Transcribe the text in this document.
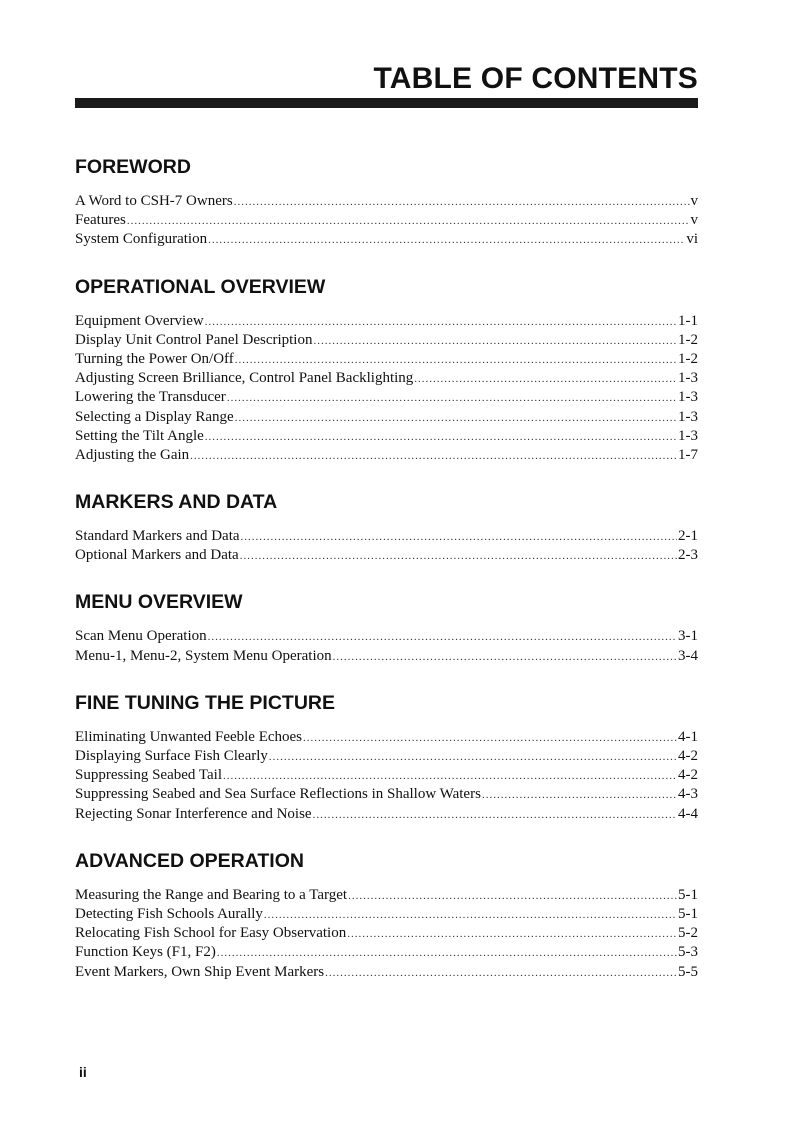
TABLE OF CONTENTS
FOREWORD
A Word to CSH-7 Owners .....	v
Features .....	v
System Configuration .....	vi
OPERATIONAL OVERVIEW
Equipment Overview .....	1-1
Display Unit Control Panel Description .....	1-2
Turning the Power On/Off .....	1-2
Adjusting Screen Brilliance, Control Panel Backlighting .....	1-3
Lowering the Transducer .....	1-3
Selecting a Display Range .....	1-3
Setting the Tilt Angle .....	1-3
Adjusting the Gain .....	1-7
MARKERS AND DATA
Standard Markers and Data .....	2-1
Optional Markers and Data .....	2-3
MENU OVERVIEW
Scan Menu Operation .....	3-1
Menu-1, Menu-2, System Menu Operation .....	3-4
FINE TUNING THE PICTURE
Eliminating Unwanted Feeble Echoes .....	4-1
Displaying Surface Fish Clearly .....	4-2
Suppressing Seabed Tail .....	4-2
Suppressing Seabed and Sea Surface Reflections in Shallow Waters .....	4-3
Rejecting Sonar Interference and Noise .....	4-4
ADVANCED OPERATION
Measuring the Range and Bearing to a Target .....	5-1
Detecting Fish Schools Aurally .....	5-1
Relocating Fish School for Easy Observation .....	5-2
Function Keys (F1, F2) .....	5-3
Event Markers, Own Ship Event Markers .....	5-5
ii
